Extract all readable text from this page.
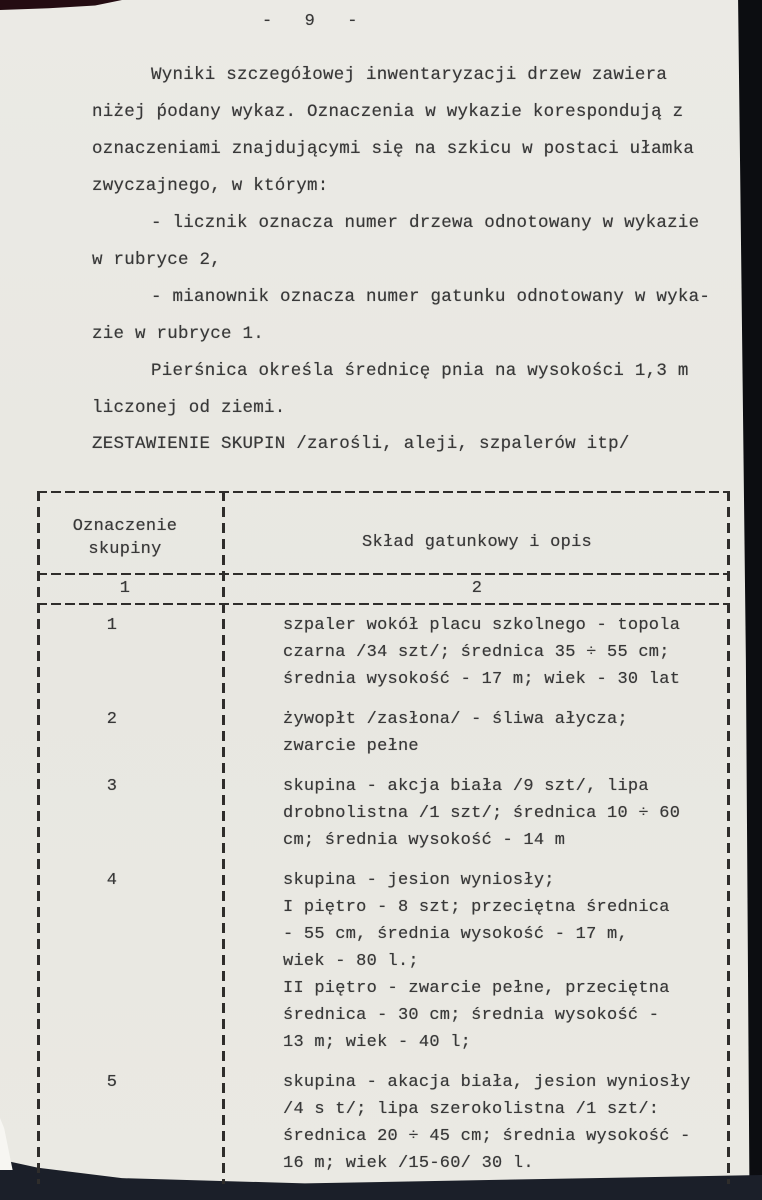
-  9  -
Wyniki szczegółowej inwentaryzacji drzew zawiera
niżej ṕodany wykaz. Oznaczenia w wykazie korespondują z
oznaczeniami znajdującymi się na szkicu w postaci ułamka
zwyczajnego, w którym:
- licznik oznacza numer drzewa odnotowany w wykazie
w rubryce 2,
- mianownik oznacza numer gatunku odnotowany w wyka-
zie w rubryce 1.
Pierśnica określa średnicę pnia na wysokości 1,3 m
liczonej od ziemi.
ZESTAWIENIE SKUPIN /zarośli, aleji, szpalerów itp/
Oznaczenie
skupiny	Skład gatunkowy i opis
1	2
1	szpaler wokół placu szkolnego - topola
czarna /34 szt/; średnica 35 ÷ 55 cm;
średnia wysokość - 17 m; wiek - 30 lat
2	żywopłt /zasłona/ - śliwa ałycza;
zwarcie pełne
3	skupina - akcja biała /9 szt/, lipa
drobnolistna /1 szt/; średnica 10 ÷ 60
cm; średnia wysokość - 14 m
4	skupina - jesion wyniosły;
I piętro - 8 szt; przeciętna średnica
- 55 cm, średnia wysokość - 17 m,
wiek - 80 l.;
II piętro - zwarcie pełne, przeciętna
średnica - 30 cm; średnia wysokość -
13 m; wiek - 40 l;
5	skupina - akacja biała, jesion wyniosły
/4 s t/; lipa szerokolistna /1 szt/:
średnica 20 ÷ 45 cm; średnia wysokość -
16 m; wiek /15-60/ 30 l.
